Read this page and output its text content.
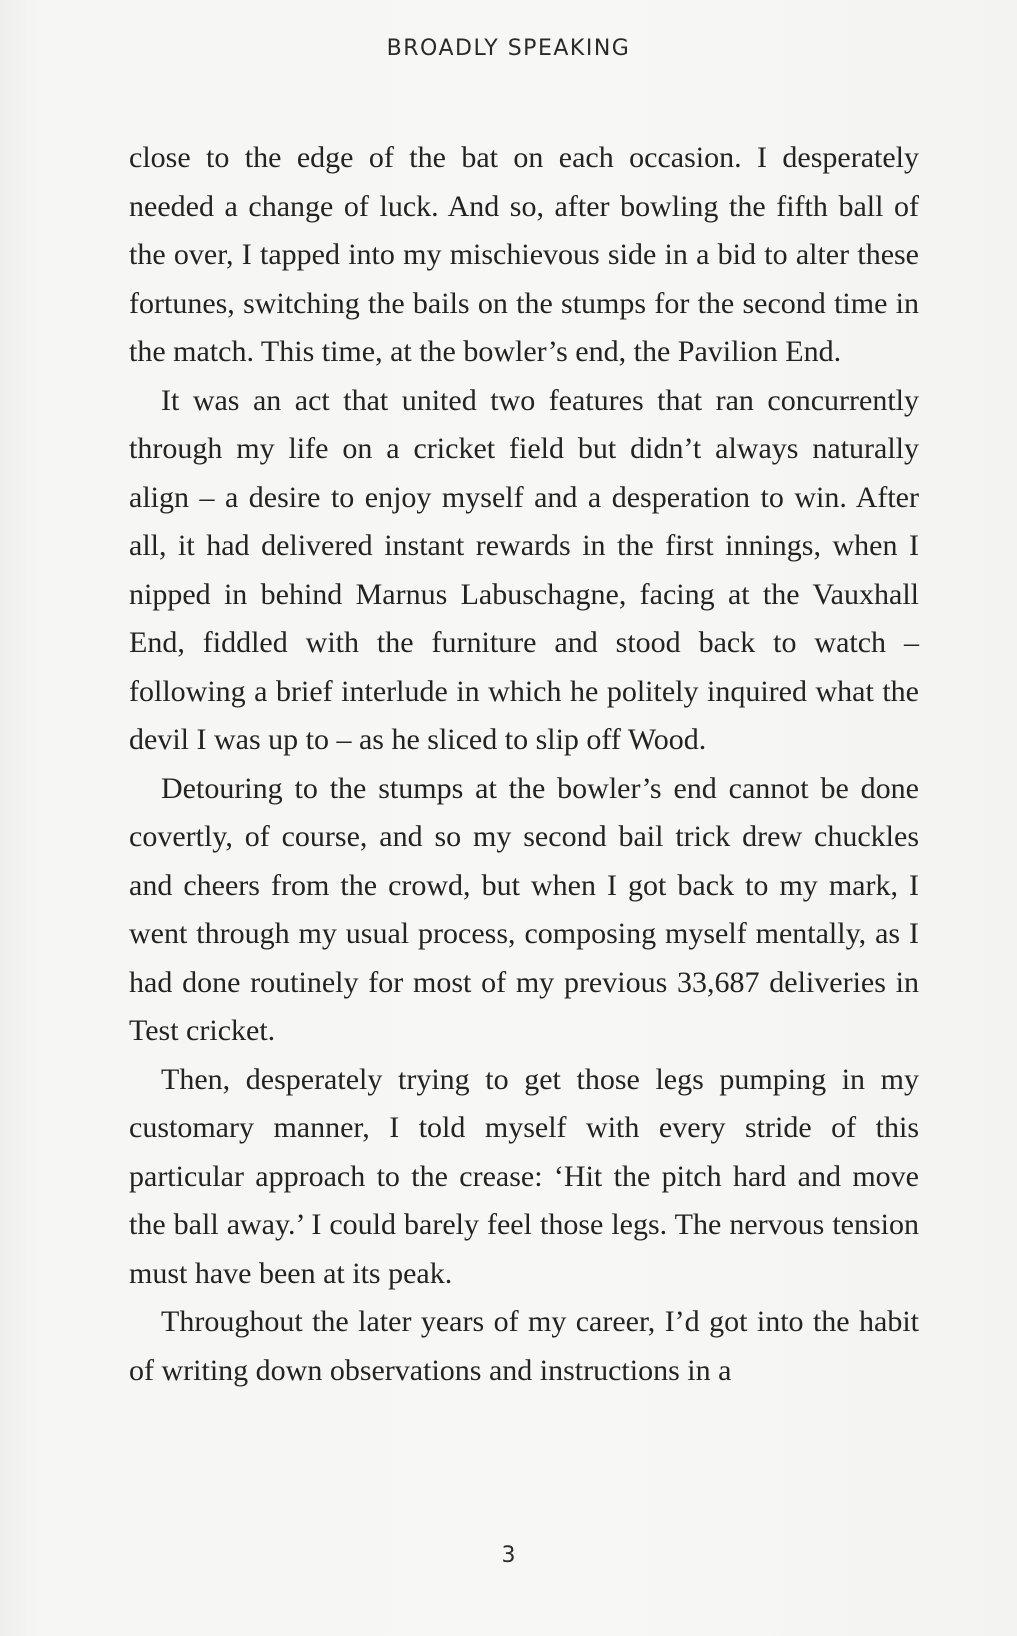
BROADLY SPEAKING

close to the edge of the bat on each occasion. I desperately needed a change of luck. And so, after bowling the fifth ball of the over, I tapped into my mischievous side in a bid to alter these fortunes, switching the bails on the stumps for the second time in the match. This time, at the bowler’s end, the Pavilion End.

It was an act that united two features that ran concurrently through my life on a cricket field but didn’t always naturally align – a desire to enjoy myself and a desperation to win. After all, it had delivered instant rewards in the first innings, when I nipped in behind Marnus Labuschagne, facing at the Vauxhall End, fiddled with the furniture and stood back to watch – following a brief interlude in which he politely inquired what the devil I was up to – as he sliced to slip off Wood.

Detouring to the stumps at the bowler’s end cannot be done covertly, of course, and so my second bail trick drew chuckles and cheers from the crowd, but when I got back to my mark, I went through my usual process, composing myself mentally, as I had done routinely for most of my previous 33,687 deliveries in Test cricket.

Then, desperately trying to get those legs pumping in my customary manner, I told myself with every stride of this particular approach to the crease: ‘Hit the pitch hard and move the ball away.’ I could barely feel those legs. The nervous tension must have been at its peak.

Throughout the later years of my career, I’d got into the habit of writing down observations and instructions in a

3
